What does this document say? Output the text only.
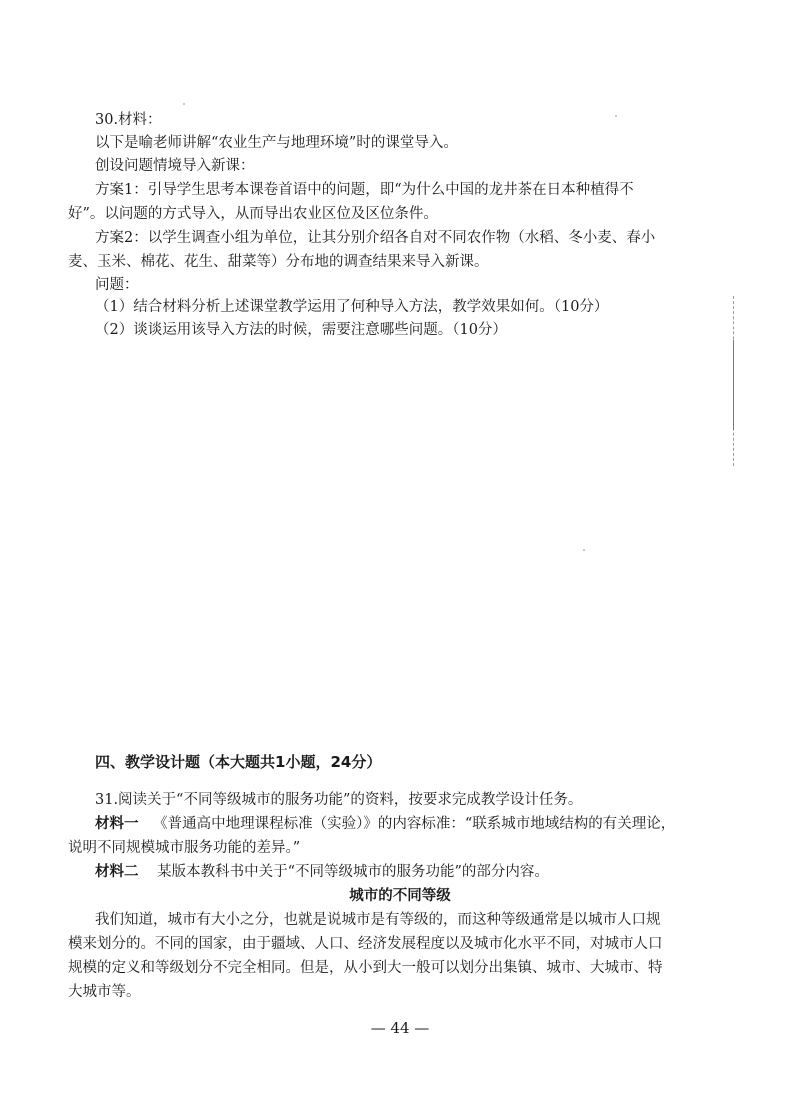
30.材料：
以下是喻老师讲解“农业生产与地理环境”时的课堂导入。
创设问题情境导入新课：
方案1：引导学生思考本课卷首语中的问题，即“为什么中国的龙井茶在日本种植得不
好”。以问题的方式导入，从而导出农业区位及区位条件。
方案2：以学生调查小组为单位，让其分别介绍各自对不同农作物（水稻、冬小麦、春小
麦、玉米、棉花、花生、甜菜等）分布地的调查结果来导入新课。
问题：
（1）结合材料分析上述课堂教学运用了何种导入方法，教学效果如何。（10分）
（2）谈谈运用该导入方法的时候，需要注意哪些问题。（10分）
四、教学设计题（本大题共1小题，24分）
31.阅读关于“不同等级城市的服务功能”的资料，按要求完成教学设计任务。
材料一 《普通高中地理课程标准（实验）》的内容标准：“联系城市地域结构的有关理论，
说明不同规模城市服务功能的差异。”
材料二 某版本教科书中关于“不同等级城市的服务功能”的部分内容。
城市的不同等级
我们知道，城市有大小之分，也就是说城市是有等级的，而这种等级通常是以城市人口规
模来划分的。不同的国家，由于疆域、人口、经济发展程度以及城市化水平不同，对城市人口
规模的定义和等级划分不完全相同。但是，从小到大一般可以划分出集镇、城市、大城市、特
大城市等。
— 44 —
